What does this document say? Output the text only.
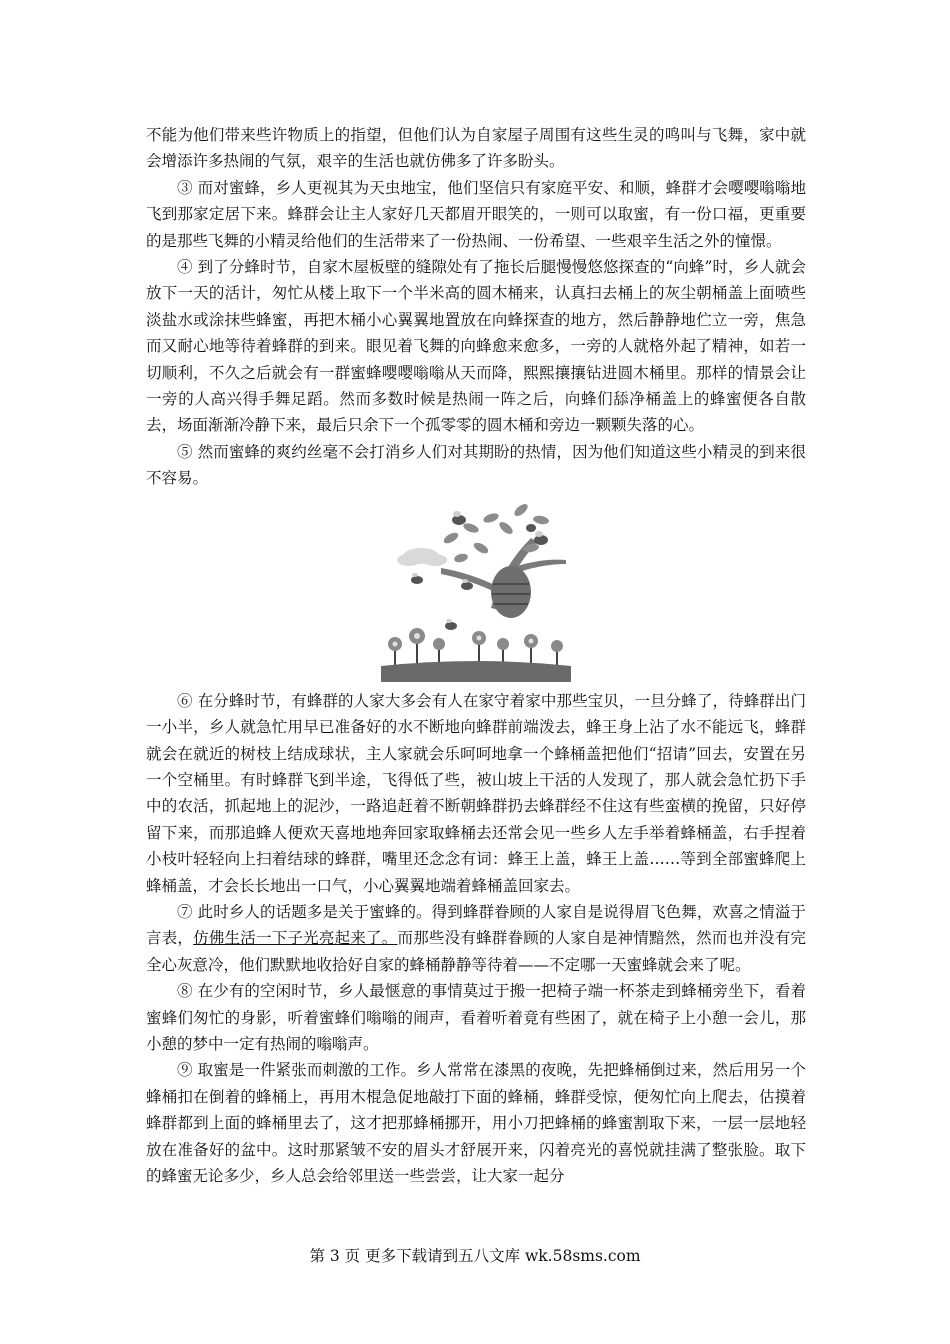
不能为他们带来些许物质上的指望，但他们认为自家屋子周围有这些生灵的鸣叫与飞舞，家中就会增添许多热闹的气氛，艰辛的生活也就仿佛多了许多盼头。

③ 而对蜜蜂，乡人更视其为天虫地宝，他们坚信只有家庭平安、和顺，蜂群才会嘤嘤嗡嗡地飞到那家定居下来。蜂群会让主人家好几天都眉开眼笑的，一则可以取蜜，有一份口福，更重要的是那些飞舞的小精灵给他们的生活带来了一份热闹、一份希望、一些艰辛生活之外的憧憬。

④ 到了分蜂时节，自家木屋板壁的缝隙处有了拖长后腿慢慢悠悠探查的“向蜂”时，乡人就会放下一天的活计，匆忙从楼上取下一个半米高的圆木桶来，认真扫去桶上的灰尘朝桶盖上面喷些淡盐水或涂抹些蜂蜜，再把木桶小心翼翼地置放在向蜂探查的地方，然后静静地伫立一旁，焦急而又耐心地等待着蜂群的到来。眼见着飞舞的向蜂愈来愈多，一旁的人就格外起了精神，如若一切顺利，不久之后就会有一群蜜蜂嘤嘤嗡嗡从天而降，熙熙攘攘钻进圆木桶里。那样的情景会让一旁的人高兴得手舞足蹈。然而多数时候是热闹一阵之后，向蜂们舔净桶盖上的蜂蜜便各自散去，场面渐渐冷静下来，最后只余下一个孤零零的圆木桶和旁边一颗颗失落的心。

⑤ 然而蜜蜂的爽约丝毫不会打消乡人们对其期盼的热情，因为他们知道这些小精灵的到来很不容易。

⑥ 在分蜂时节，有蜂群的人家大多会有人在家守着家中那些宝贝，一旦分蜂了，待蜂群出门一小半，乡人就急忙用早已准备好的水不断地向蜂群前端泼去，蜂王身上沾了水不能远飞，蜂群就会在就近的树枝上结成球状，主人家就会乐呵呵地拿一个蜂桶盖把他们“招请”回去，安置在另一个空桶里。有时蜂群飞到半途，飞得低了些，被山坡上干活的人发现了，那人就会急忙扔下手中的农活，抓起地上的泥沙，一路追赶着不断朝蜂群扔去蜂群经不住这有些蛮横的挽留，只好停留下来，而那追蜂人便欢天喜地地奔回家取蜂桶去还常会见一些乡人左手举着蜂桶盖，右手捏着小枝叶轻轻向上扫着结球的蜂群，嘴里还念念有词：蜂王上盖，蜂王上盖……等到全部蜜蜂爬上蜂桶盖，才会长长地出一口气，小心翼翼地端着蜂桶盖回家去。

⑦ 此时乡人的话题多是关于蜜蜂的。得到蜂群眷顾的人家自是说得眉飞色舞，欢喜之情溢于言表，仿佛生活一下子光亮起来了。而那些没有蜂群眷顾的人家自是神情黯然，然而也并没有完全心灰意冷，他们默默地收拾好自家的蜂桶静静等待着——不定哪一天蜜蜂就会来了呢。

⑧ 在少有的空闲时节，乡人最惬意的事情莫过于搬一把椅子端一杯茶走到蜂桶旁坐下，看着蜜蜂们匆忙的身影，听着蜜蜂们嗡嗡的闹声，看着听着竟有些困了，就在椅子上小憩一会儿，那小憩的梦中一定有热闹的嗡嗡声。

⑨ 取蜜是一件紧张而刺激的工作。乡人常常在漆黑的夜晚，先把蜂桶倒过来，然后用另一个蜂桶扣在倒着的蜂桶上，再用木棍急促地敲打下面的蜂桶，蜂群受惊，便匆忙向上爬去，估摸着蜂群都到上面的蜂桶里去了，这才把那蜂桶挪开，用小刀把蜂桶的蜂蜜割取下来，一层一层地轻放在准备好的盆中。这时那紧皱不安的眉头才舒展开来，闪着亮光的喜悦就挂满了整张脸。取下的蜂蜜无论多少，乡人总会给邻里送一些尝尝，让大家一起分

第 3 页 更多下载请到五八文库 wk.58sms.com
